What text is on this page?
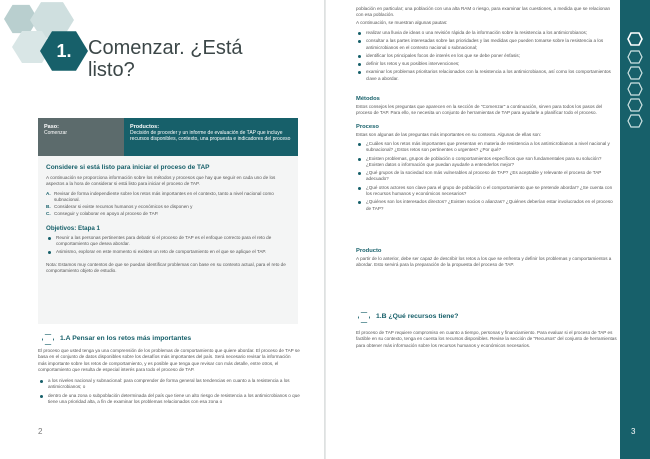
1. Comenzar. ¿Está listo?
Paso:
Comenzar
Productos:
Decisión de proceder y un informe de evaluación de TAP que incluye recursos disponibles, contexto, una propuesta e indicadores del proceso
Considere si está listo para iniciar el proceso de TAP

A continuación se proporciona información sobre los métodos y procesos que hay que seguir en cada uno de los aspectos a la hora de considerar si está listo para iniciar el proceso de TAP.

A. Revisar de forma independiente sobre los retos más importantes en el contexto, tanto a nivel nacional como subnacional.
B. Considerar si existe recursos humanos y económicos se disponen y
C. Conseguir y colaborar en apoyo al proceso de TAP.
Objetivos: Etapa 1
Reunir a las personas pertinentes para debatir si el proceso de TAP es el enfoque correcto para el reto de comportamiento que desea abordar.
Asimismo, explorar en este momento si existen un reto de comportamiento en el que se aplique el TAP.

Nota: Estamos muy contentos de que se puedan identificar problemas con base en su contexto actual, para el reto de comportamiento objeto de estudio.

1.A Pensar en los retos más importantes

El proceso que usted tenga ya una comprensión de los problemas de comportamiento que quiere abordar. El proceso de TAP se basa en el conjunto de datos disponibles sobre los desafíos más importantes del país. Será necesario revisar la información más importante sobre los retos de comportamiento, y es posible que tenga que revisar con más detalle, entre otros, el comportamiento que resulta de especial interés para todo el proceso de TAP.

a los niveles nacional y subnacional: para comprender de forma general las tendencias en cuanto a la resistencia a los antimicrobianos; o
dentro de una zona o subpoblación determinada del país que tiene un alto riesgo de resistencia a los antimicrobianos o que tiene una prioridad alta, a fin de examinar los problemas relacionados con esa zona o
2

población en particular; una población con una alta RAM o riesgo, para examinar las cuestiones, a medida que se relacionan con esa población.

A continuación, se muestran algunas pautas:

realizar una lluvia de ideas o una revisión rápida de la información sobre la resistencia a los antimicrobianos;
consultar a las partes interesadas sobre las prioridades y las medidas que pueden tomarse sobre la resistencia a los antimicrobianos en el contexto nacional o subnacional;
identificar los principales focos de interés en los que se debe poner énfasis;
definir los retos y sus posibles intervenciones;
examinar los problemas prioritarios relacionados con la resistencia a los antimicrobianos, así como los comportamientos clave a abordar.
Métodos

Estos consejos les preguntas que aparecen en la sección de "Comenzar" a continuación, sirven para todos los pasos del proceso de TAP. Para ello, se necesita un conjunto de herramientas de TAP para ayudarle a planificar todo el proceso.

Proceso

Estas son algunas de las preguntas más importantes en su contexto. Algunas de ellas son:

¿Cuáles son los retos más importantes que presentan en materia de resistencia a los antimicrobianos a nivel nacional y subnacional? ¿Estos retos son pertinentes o urgentes? ¿Por qué?
¿Existen problemas, grupos de población o comportamientos específicos que son fundamentales para su solución? ¿Existen datos o información que puedan ayudarle a entenderlos mejor?
¿Qué grupos de la sociedad son más vulnerables al proceso de TAP? ¿Es aceptable y relevante el proceso de TAP adecuado?
¿Qué otros actores son clave para el grupo de población o el comportamiento que se pretende abordar? ¿Se cuenta con los recursos humanos y económicos necesarios?
¿Quiénes son los interesados directos? ¿Existen socios o alianzas? ¿Quiénes deberían estar involucrados en el proceso de TAP?
Producto

A partir de lo anterior, debe ser capaz de describir los retos a los que se enfrenta y definir los problemas y comportamientos a abordar. Esto servirá para la preparación de la propuesta del proceso de TAP.

1.B ¿Qué recursos tiene?

El proceso de TAP requiere compromiso en cuanto a tiempo, personas y financiamiento. Para evaluar si el proceso de TAP es factible en su contexto, tenga en cuenta los recursos disponibles. Revise la sección de "Recursos" del conjunto de herramientas para obtener más información sobre los recursos humanos y económicos necesarios.

3
